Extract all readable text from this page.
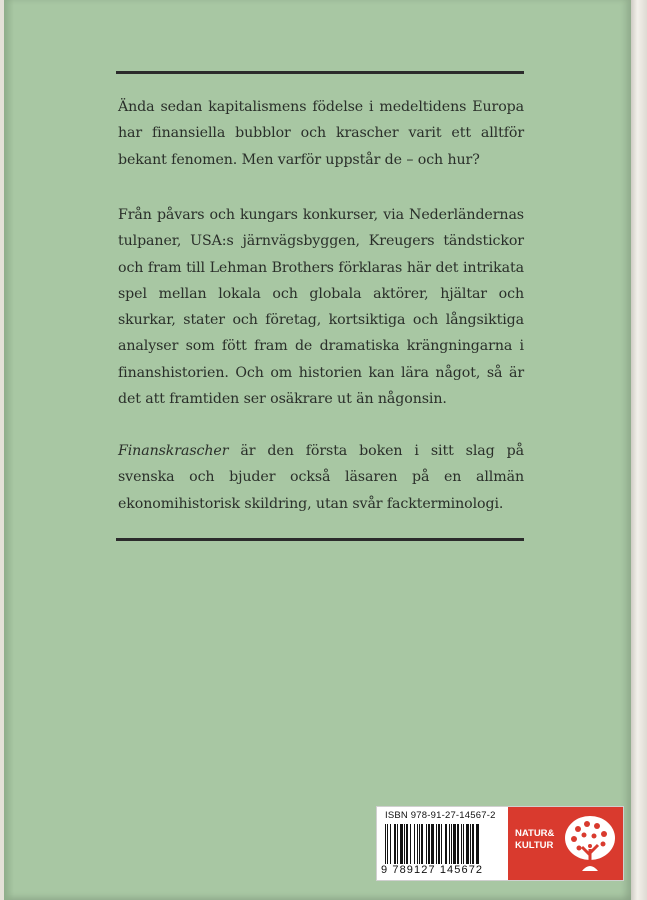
Ända sedan kapitalismens födelse i medeltidens Europa har finansiella bubblor och krascher varit ett alltför bekant fenomen. Men varför uppstår de – och hur?

Från påvars och kungars konkurser, via Nederländernas tulpaner, USA:s järnvägsbyggen, Kreugers tändstickor och fram till Lehman Brothers förklaras här det intrikata spel mellan lokala och globala aktörer, hjältar och skurkar, stater och företag, kortsiktiga och långsiktiga analyser som fött fram de dramatiska krängningarna i finanshistorien. Och om historien kan lära något, så är det att framtiden ser osäkrare ut än någonsin.

Finanskrascher är den första boken i sitt slag på svenska och bjuder också läsaren på en allmän ekonomihistorisk skildring, utan svår fackterminologi.

ISBN 978-91-27-14567-2
9 789127 145672
NATUR&
KULTUR
